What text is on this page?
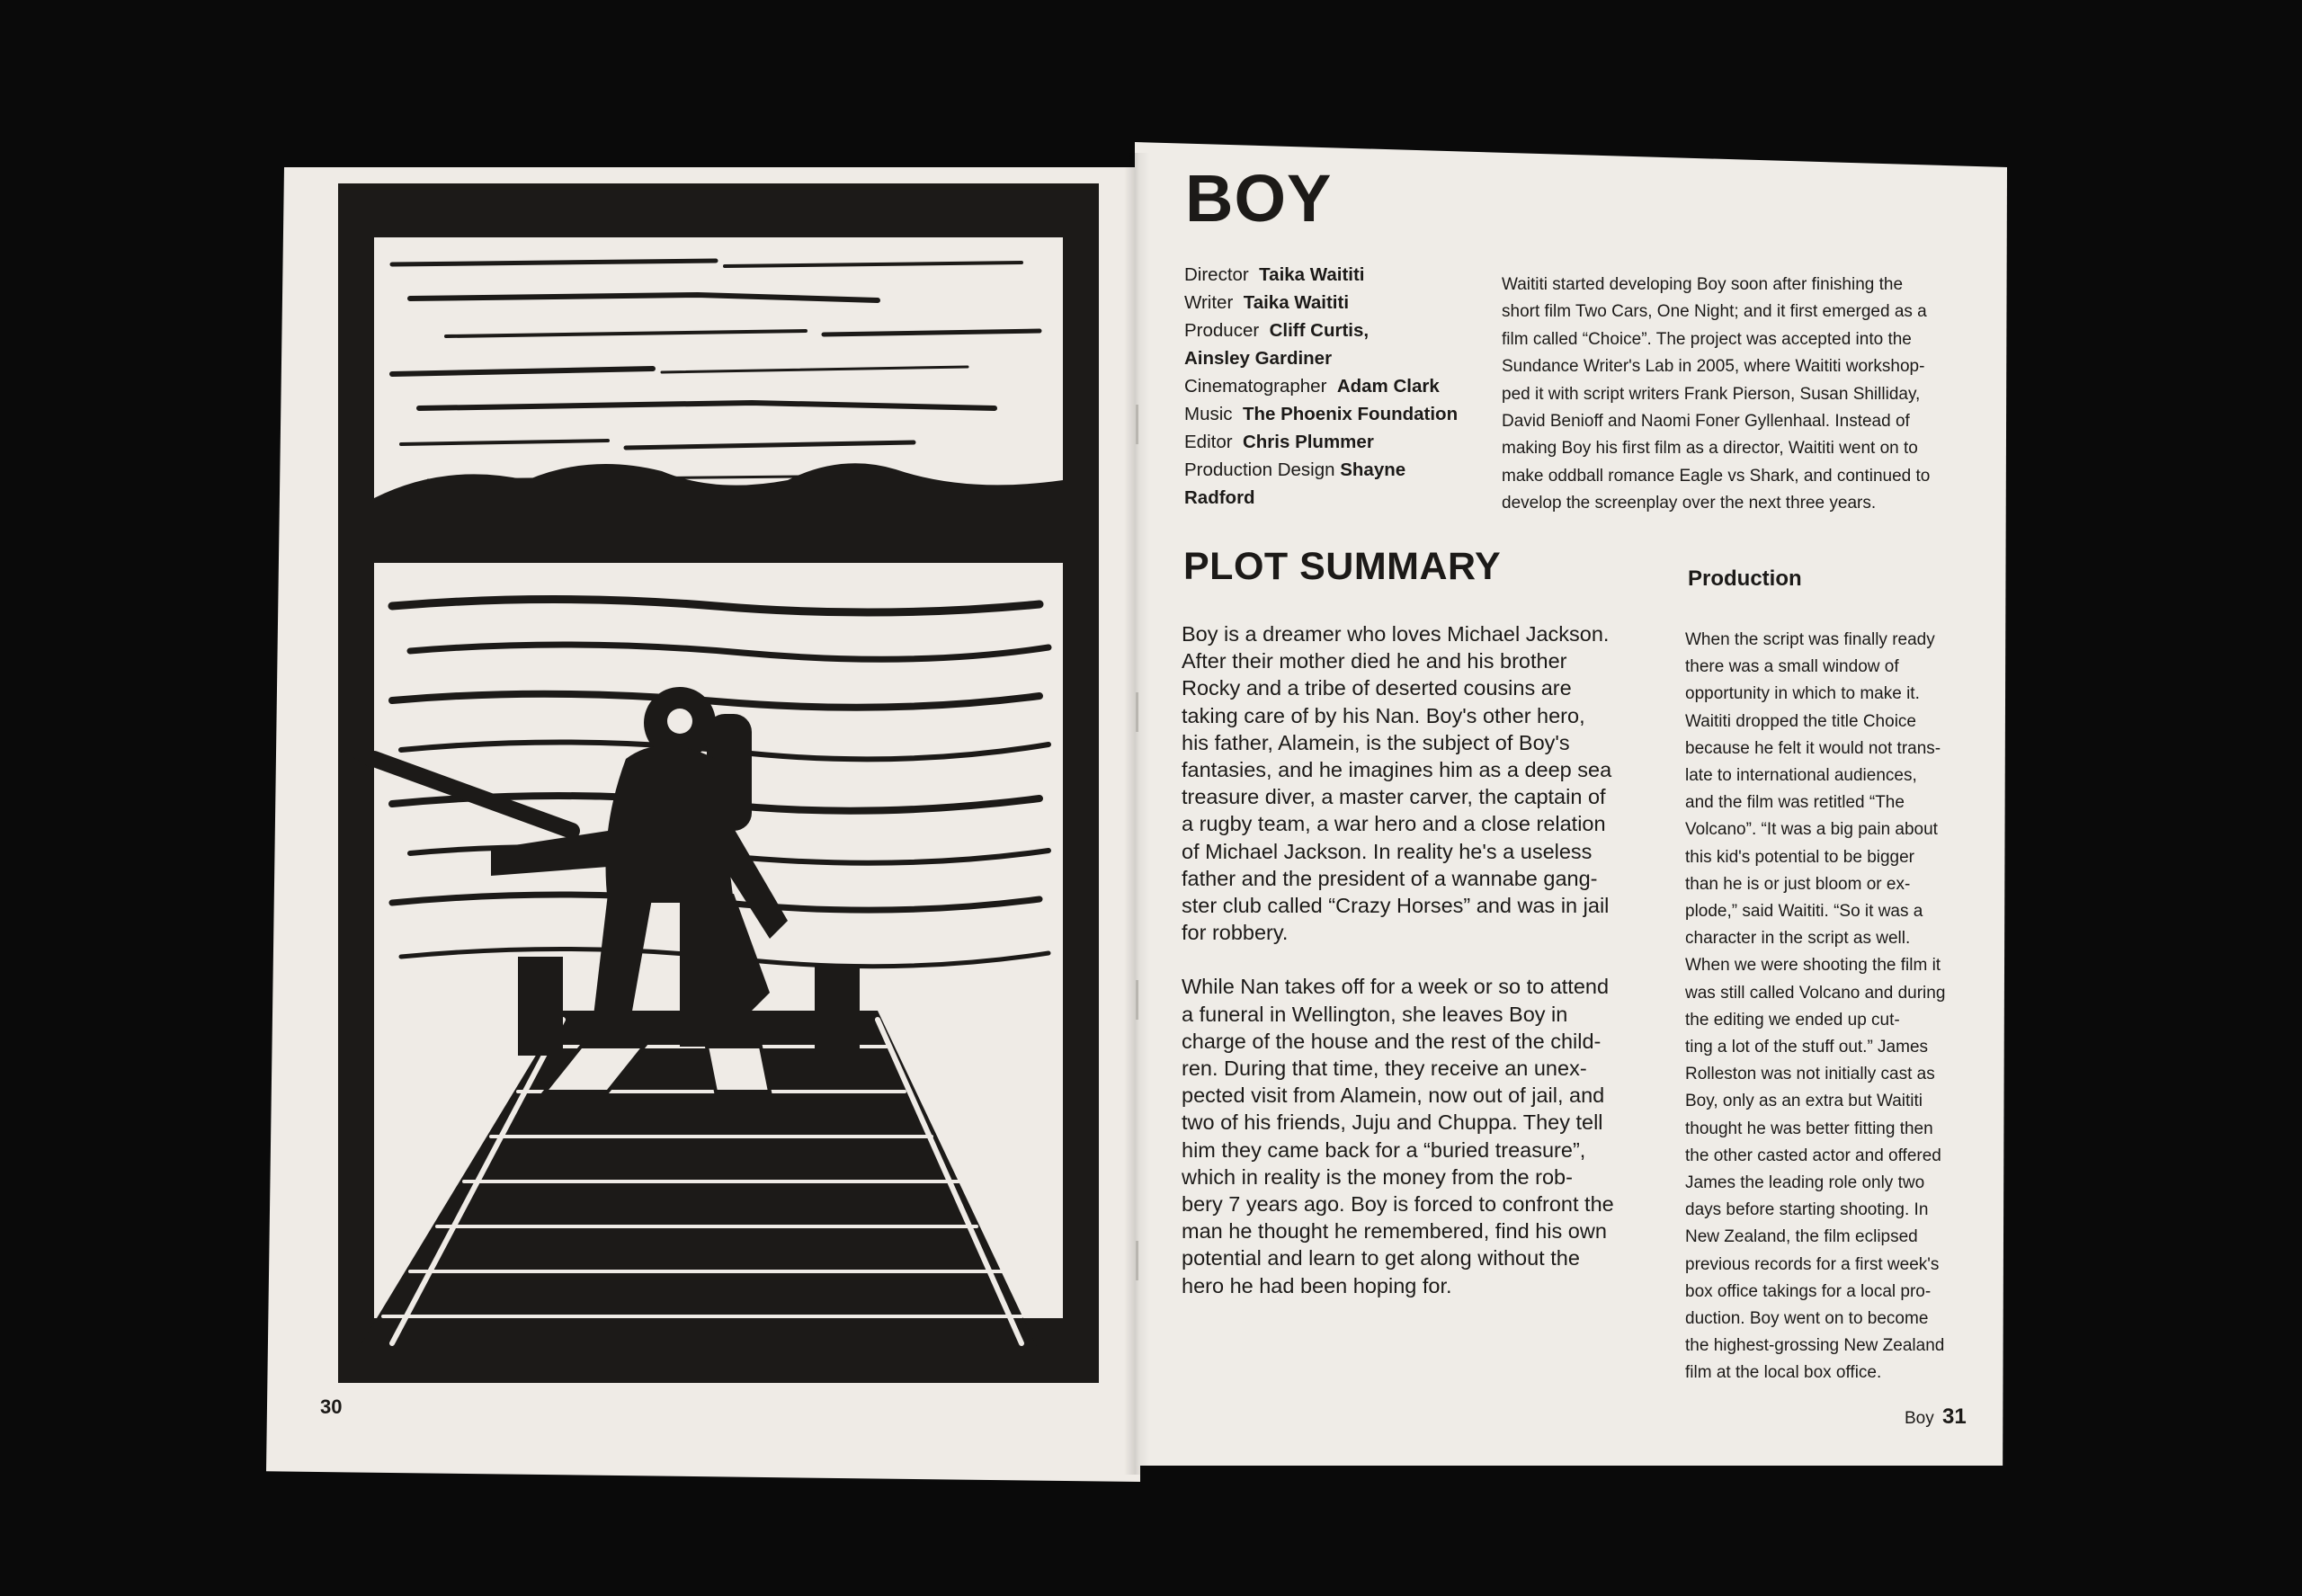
30
BOY
Director Taika Waititi
Writer Taika Waititi
Producer Cliff Curtis,
Ainsley Gardiner
Cinematographer Adam Clark
Music The Phoenix Foundation
Editor Chris Plummer
Production Design Shayne
Radford
Waititi started developing Boy soon after finishing the
short film Two Cars, One Night; and it first emerged as a
film called “Choice”. The project was accepted into the
Sundance Writer's Lab in 2005, where Waititi workshop-
ped it with script writers Frank Pierson, Susan Shilliday,
David Benioff and Naomi Foner Gyllenhaal. Instead of
making Boy his first film as a director, Waititi went on to
make oddball romance Eagle vs Shark, and continued to
develop the screenplay over the next three years.
PLOT SUMMARY	Production

Boy is a dreamer who loves Michael Jackson.
After their mother died he and his brother
Rocky and a tribe of deserted cousins are
taking care of by his Nan. Boy's other hero,
his father, Alamein, is the subject of Boy's
fantasies, and he imagines him as a deep sea
treasure diver, a master carver, the captain of
a rugby team, a war hero and a close relation
of Michael Jackson. In reality he's a useless
father and the president of a wannabe gang-
ster club called “Crazy Horses” and was in jail
for robbery.

While Nan takes off for a week or so to attend
a funeral in Wellington, she leaves Boy in
charge of the house and the rest of the child-
ren. During that time, they receive an unex-
pected visit from Alamein, now out of jail, and
two of his friends, Juju and Chuppa. They tell
him they came back for a “buried treasure”,
which in reality is the money from the rob-
bery 7 years ago. Boy is forced to confront the
man he thought he remembered, find his own
potential and learn to get along without the
hero he had been hoping for.

When the script was finally ready
there was a small window of
opportunity in which to make it.
Waititi dropped the title Choice
because he felt it would not trans-
late to international audiences,
and the film was retitled “The
Volcano”. “It was a big pain about
this kid's potential to be bigger
than he is or just bloom or ex-
plode,” said Waititi. “So it was a
character in the script as well.
When we were shooting the film it
was still called Volcano and during
the editing we ended up cut-
ting a lot of the stuff out.” James
Rolleston was not initially cast as
Boy, only as an extra but Waititi
thought he was better fitting then
the other casted actor and offered
James the leading role only two
days before starting shooting. In
New Zealand, the film eclipsed
previous records for a first week's
box office takings for a local pro-
duction. Boy went on to become
the highest-grossing New Zealand
film at the local box office.
Boy 31
